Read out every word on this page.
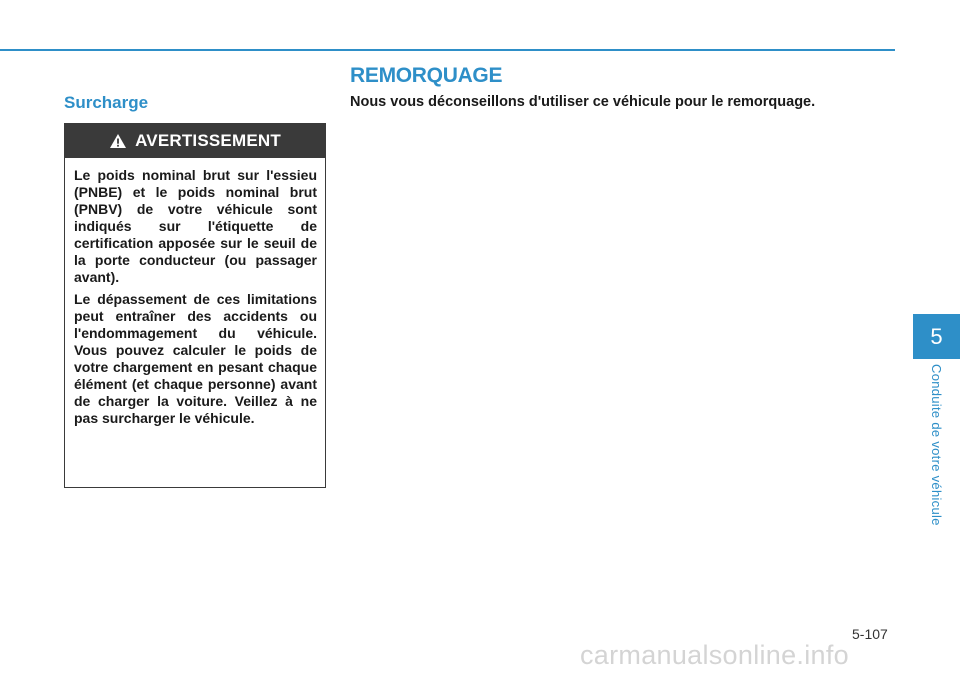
Surcharge
AVERTISSEMENT

Le poids nominal brut sur l'essieu (PNBE) et le poids nominal brut (PNBV) de votre véhicule sont indiqués sur l'étiquette de certification apposée sur le seuil de la porte conducteur (ou passager avant).

Le dépassement de ces limitations peut entraîner des accidents ou l'endommagement du véhicule. Vous pouvez calculer le poids de votre chargement en pesant chaque élément (et chaque personne) avant de charger la voiture. Veillez à ne pas surcharger le véhicule.

REMORQUAGE
Nous vous déconseillons d'utiliser ce véhicule pour le remorquage.
5
Conduite de votre véhicule
5-107
carmanualsonline.info
